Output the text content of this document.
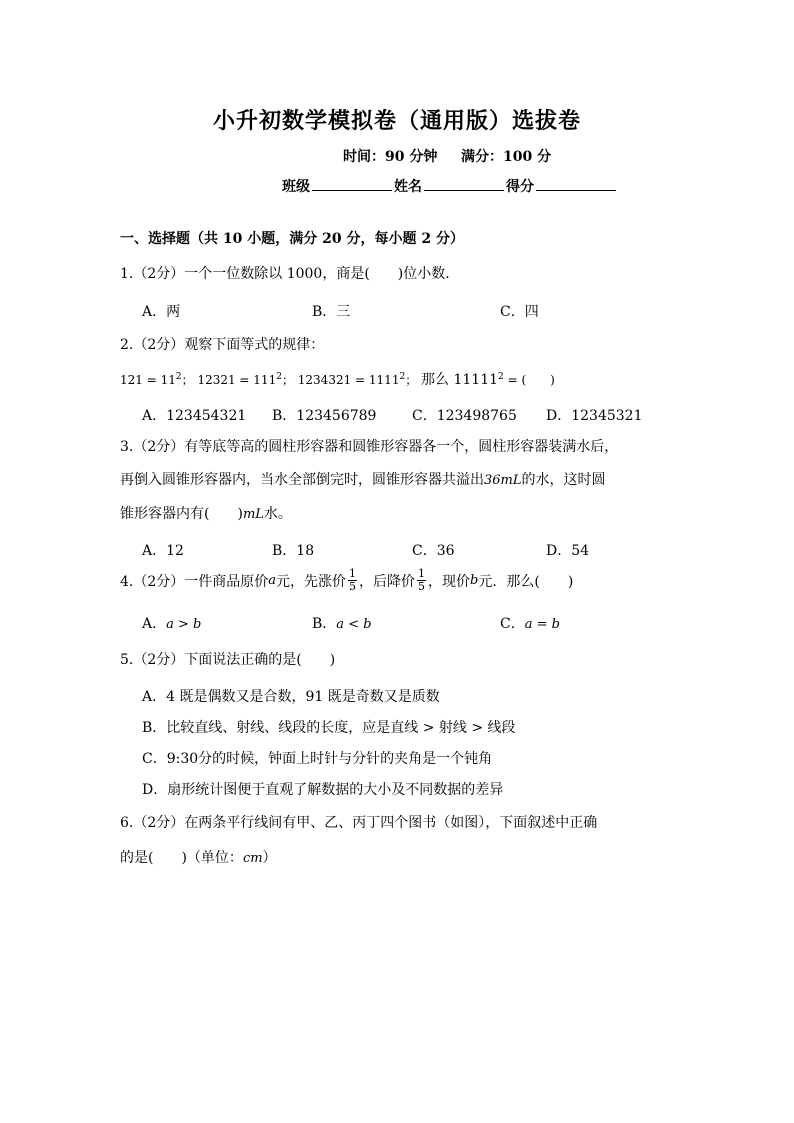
小升初数学模拟卷（通用版）选拔卷
时间：90 分钟 满分：100 分
班级	姓名	得分
一、选择题（共 10 小题，满分 20 分，每小题 2 分）
1.（2分）一个一位数除以 1000，商是(　　)位小数.
A．两	B．三	C．四
2.（2分）观察下面等式的规律：
$121 = 11^2$； $12321 = 111^2$； $1234321 = 1111^2$； 那么 $11111^2$ = (　　)
A．123454321 B．123456789	C．123498765 D．12345321
3.（2分）有等底等高的圆柱形容器和圆锥形容器各一个，圆柱形容器装满水后，
再倒入圆锥形容器内，当水全部倒完时，圆锥形容器共溢出36mL的水，这时圆
锥形容器内有(　　)mL水。
A．12	B．18	C．36	D．54
4.（2分）一件商品原价 a 元，先涨价 $\frac{1}{5}$ ，后降价 $\frac{1}{5}$ ，现价 b 元．那么(　　)
A．a > b	B．a < b	C．a = b
5.（2分）下面说法正确的是(　　)
A．4 既是偶数又是合数，91 既是奇数又是质数
B．比较直线、射线、线段的长度，应是直线 > 射线 > 线段
C．9:30分的时候，钟面上时针与分针的夹角是一个钝角
D．扇形统计图便于直观了解数据的大小及不同数据的差异
6.（2分）在两条平行线间有甲、乙、丙丁四个图书（如图），下面叙述中正确
的是(　　)（单位：cm）
